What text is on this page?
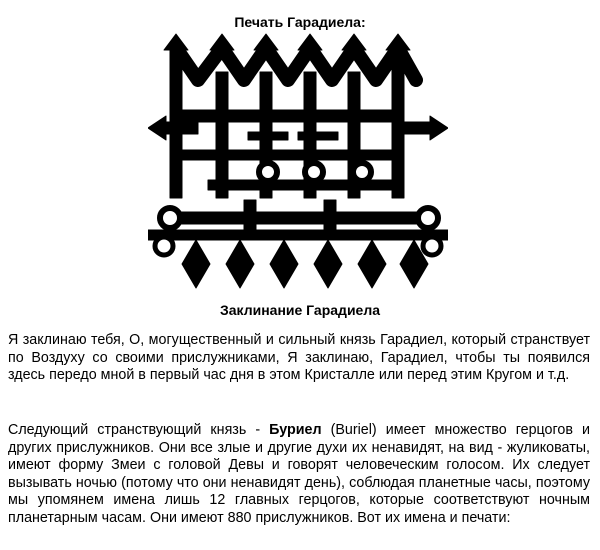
Печать Гарадиела:
Заклинание Гарадиела

Я заклинаю тебя, О, могущественный и сильный князь Гарадиел, который странствует по Воздуху со своими прислужниками, Я заклинаю, Гарадиел, чтобы ты появился здесь передо мной в первый час дня в этом Кристалле или перед этим Кругом и т.д.

Следующий странствующий князь - Буриел (Buriel) имеет множество герцогов и других прислужников. Они все злые и другие духи их ненавидят, на вид - жуликоваты, имеют форму Змеи с головой Девы и говорят человеческим голосом. Их следует вызывать ночью (потому что они ненавидят день), соблюдая планетные часы, поэтому мы упомянем имена лишь 12 главных герцогов, которые соответствуют ночным планетарным часам. Они имеют 880 прислужников. Вот их имена и печати:
